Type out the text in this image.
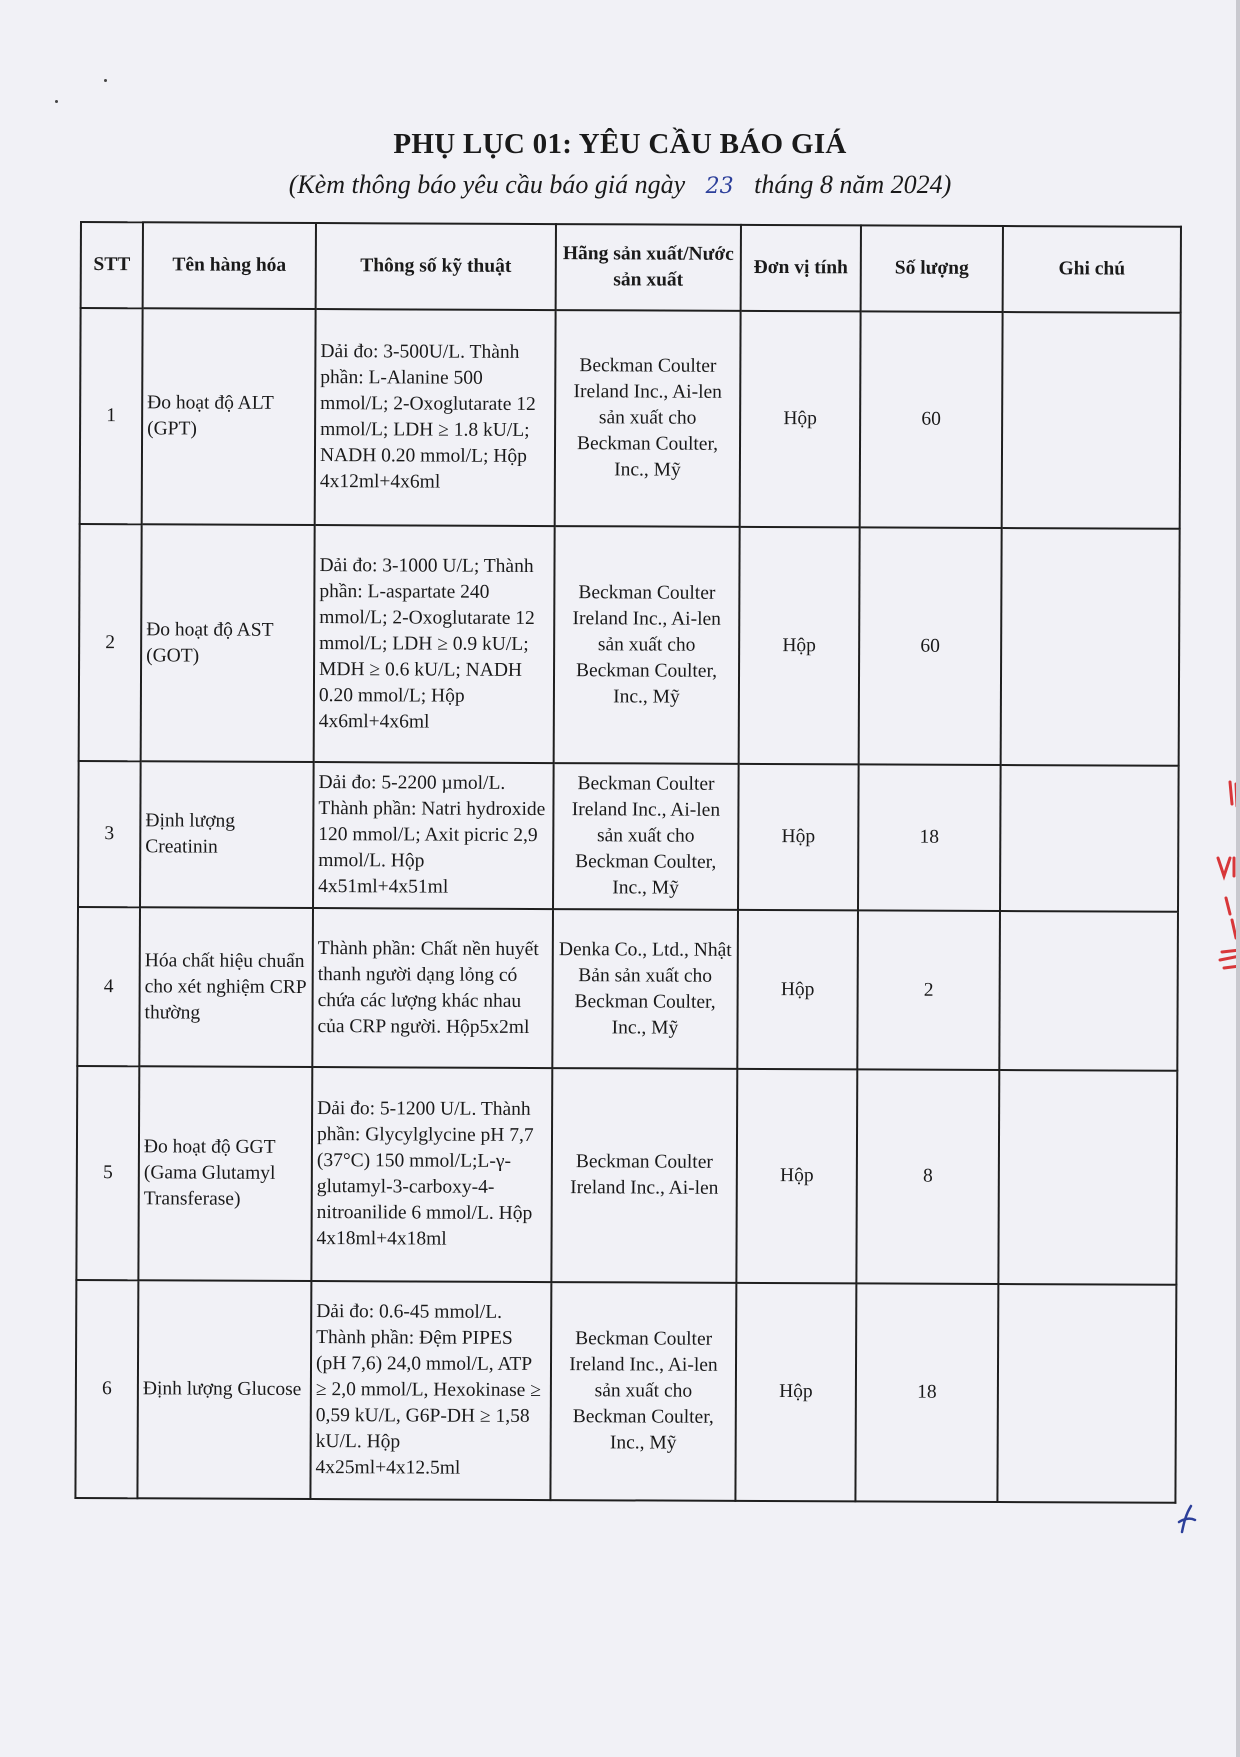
PHỤ LỤC 01: YÊU CẦU BÁO GIÁ
(Kèm thông báo yêu cầu báo giá ngày 23 tháng 8 năm 2024)
STT	Tên hàng hóa	Thông số kỹ thuật	Hãng sản xuất/Nước sản xuất	Đơn vị tính	Số lượng	Ghi chú
1	Đo hoạt độ ALT (GPT)	Dải đo: 3-500U/L. Thành phần: L-Alanine 500 mmol/L; 2-Oxoglutarate 12 mmol/L; LDH ≥ 1.8 kU/L; NADH 0.20 mmol/L; Hộp 4x12ml+4x6ml	Beckman Coulter Ireland Inc., Ai-len sản xuất cho Beckman Coulter, Inc., Mỹ	Hộp	60	
2	Đo hoạt độ AST (GOT)	Dải đo: 3-1000 U/L; Thành phần: L-aspartate 240 mmol/L; 2-Oxoglutarate 12 mmol/L; LDH ≥ 0.9 kU/L; MDH ≥ 0.6 kU/L; NADH 0.20 mmol/L; Hộp 4x6ml+4x6ml	Beckman Coulter Ireland Inc., Ai-len sản xuất cho Beckman Coulter, Inc., Mỹ	Hộp	60	
3	Định lượng Creatinin	Dải đo: 5-2200 µmol/L. Thành phần: Natri hydroxide 120 mmol/L; Axit picric 2,9 mmol/L. Hộp 4x51ml+4x51ml	Beckman Coulter Ireland Inc., Ai-len sản xuất cho Beckman Coulter, Inc., Mỹ	Hộp	18	
4	Hóa chất hiệu chuẩn cho xét nghiệm CRP thường	Thành phần: Chất nền huyết thanh người dạng lỏng có chứa các lượng khác nhau của CRP người. Hộp5x2ml	Denka Co., Ltd., Nhật Bản sản xuất cho Beckman Coulter, Inc., Mỹ	Hộp	2	
5	Đo hoạt độ GGT (Gama Glutamyl Transferase)	Dải đo: 5-1200 U/L. Thành phần: Glycylglycine pH 7,7 (37°C) 150 mmol/L;L-γ-glutamyl-3-carboxy-4-nitroanilide 6 mmol/L. Hộp 4x18ml+4x18ml	Beckman Coulter Ireland Inc., Ai-len	Hộp	8	
6	Định lượng Glucose	Dải đo: 0.6-45 mmol/L. Thành phần: Đệm PIPES (pH 7,6) 24,0 mmol/L, ATP ≥ 2,0 mmol/L, Hexokinase ≥ 0,59 kU/L, G6P-DH ≥ 1,58 kU/L. Hộp 4x25ml+4x12.5ml	Beckman Coulter Ireland Inc., Ai-len sản xuất cho Beckman Coulter, Inc., Mỹ	Hộp	18	
